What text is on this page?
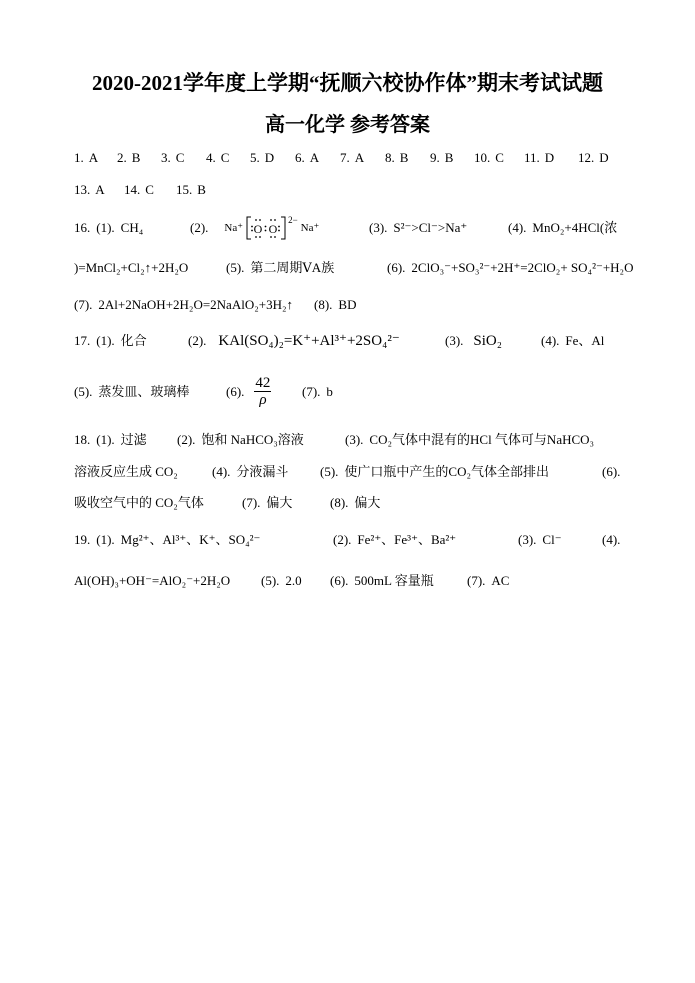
2020-2021学年度上学期“抚顺六校协作体”期末考试试题
高一化学 参考答案
1. A 2. B 3. C 4. C 5. D 6. A 7. A 8. B 9. B 10. C 11. D 12. D
13. A 14. C 15. B
16. (1). CH₄	(2). Na⁺ O O
2−
Na⁺	(3). S²⁻>Cl⁻>Na⁺	(4). MnO₂+4HCl(浓
)=MnCl₂+Cl₂↑+2H₂O	(5). 第二周期ⅤA族	(6). 2ClO₃⁻+SO₃²⁻+2H⁺=2ClO₂+ SO₄²⁻+H₂O
(7). 2Al+2NaOH+2H₂O=2NaAlO₂+3H₂↑ (8). BD
17. (1). 化合	(2). KAl(SO₄)₂=K⁺+Al³⁺+2SO₄²⁻	(3). SiO₂	(4). Fe、Al
(5). 蒸发皿、玻璃棒	(6). $\frac{42}{\rho} (7)$. b
18. (1). 过滤 (2). 饱和 NaHCO₃溶液	(3). CO₂气体中混有的HCl 气体可与NaHCO₃
溶液反应生成 CO₂	(4). 分液漏斗 (5). 使广口瓶中产生的CO₂气体全部排出	(6).
吸收空气中的 CO₂气体	(7). 偏大	(8). 偏大
19. (1). Mg²⁺、Al³⁺、K⁺、SO₄²⁻	(2). Fe²⁺、Fe³⁺、Ba²⁺	(3). Cl⁻	(4).
Al(OH)₃+OH⁻=AlO₂⁻+2H₂O (5). 2.0 (6). 500mL 容量瓶	(7). AC
